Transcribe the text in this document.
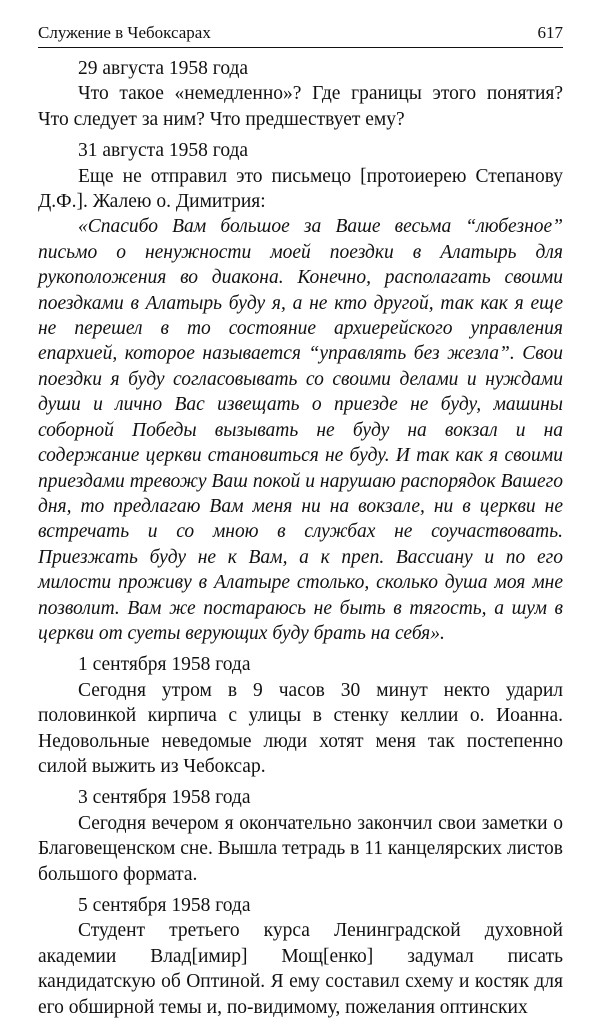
Служение в Чебоксарах	617
29 августа 1958 года

Что такое «немедленно»? Где границы этого понятия? Что следует за ним? Что предшествует ему?

31 августа 1958 года

Еще не отправил это письмецо [протоиерею Степанову Д.Ф.]. Жалею о. Димитрия:

«Спасибо Вам большое за Ваше весьма “любезное” письмо о ненужности моей поездки в Алатырь для рукоположения во диакона. Конечно, располагать своими поездками в Алатырь буду я, а не кто другой, так как я еще не перешел в то состояние архиерейского управления епархией, которое называется “управлять без жезла”. Свои поездки я буду согласовывать со своими делами и нуждами души и лично Вас извещать о приезде не буду, машины соборной Победы вызывать не буду на вокзал и на содержание церкви становиться не буду. И так как я своими приездами тревожу Ваш покой и нарушаю распорядок Вашего дня, то предлагаю Вам меня ни на вокзале, ни в церкви не встречать и со мною в службах не соучаствовать. Приезжать буду не к Вам, а к преп. Вассиану и по его милости проживу в Алатыре столько, сколько душа моя мне позволит. Вам же постараюсь не быть в тягость, а шум в церкви от суеты верующих буду брать на себя».

1 сентября 1958 года

Сегодня утром в 9 часов 30 минут некто ударил половинкой кирпича с улицы в стенку келлии о. Иоанна. Недовольные неведомые люди хотят меня так постепенно силой выжить из Чебоксар.

3 сентября 1958 года

Сегодня вечером я окончательно закончил свои заметки о Благовещенском сне. Вышла тетрадь в 11 канцелярских листов большого формата.

5 сентября 1958 года

Студент третьего курса Ленинградской духовной академии Влад[имир] Мощ[енко] задумал писать кандидатскую об Оптиной. Я ему составил схему и костяк для его обширной темы и, по-видимому, пожелания оптинских
